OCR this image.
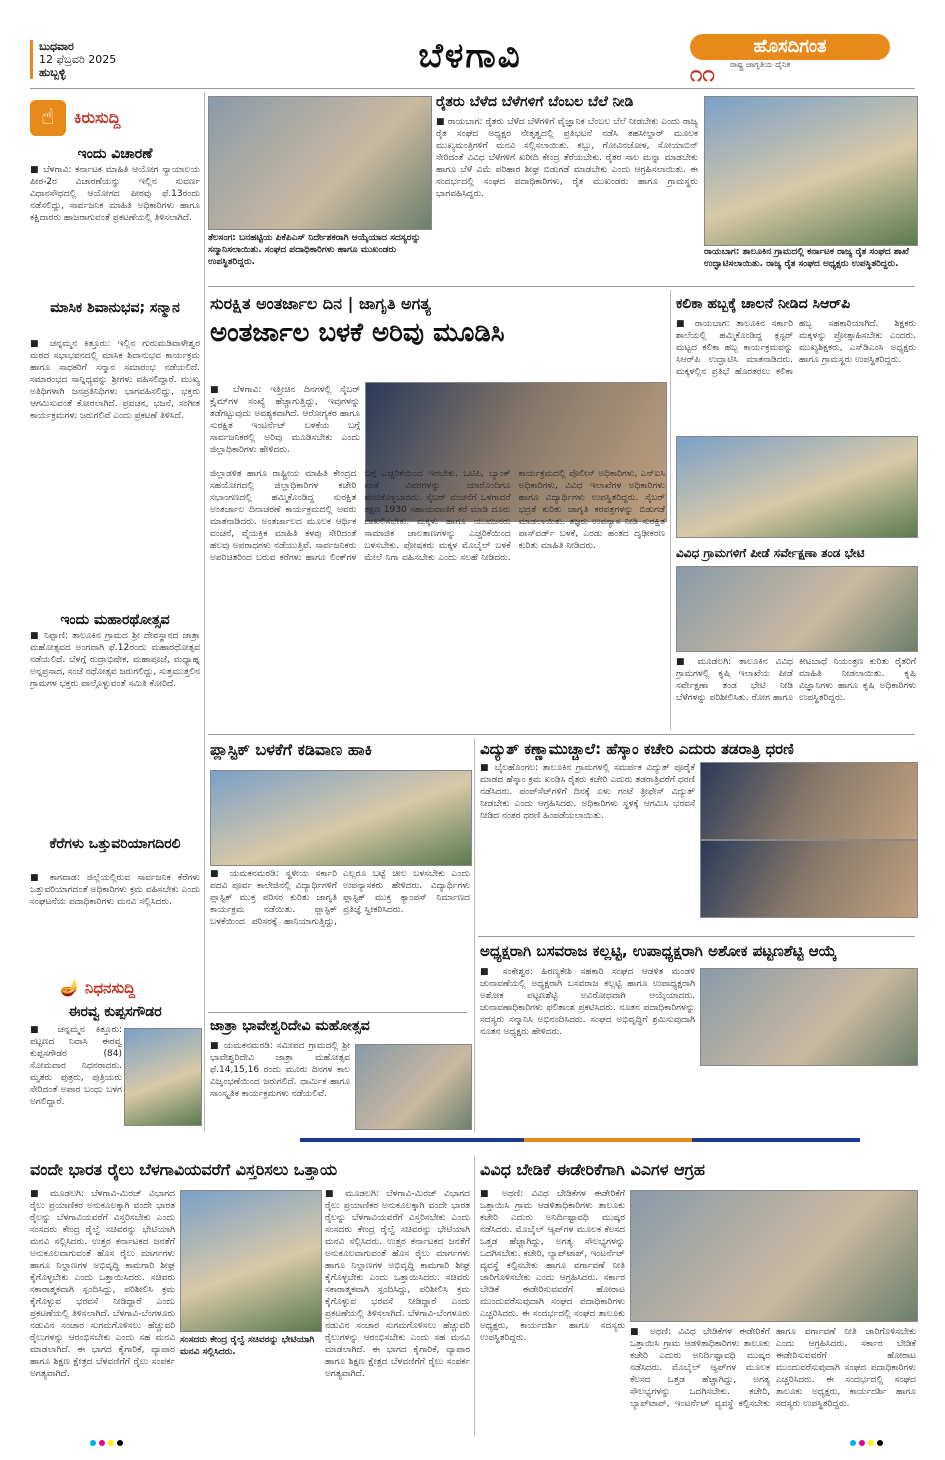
ಬುಧವಾರ
12 ಫೆಬ್ರವರಿ 2025
ಹುಬ್ಬಳ್ಳಿ	ಬೆಳಗಾವಿ	ಹೊಸದಿಗಂತ
ರಾಷ್ಟ್ರ ಜಾಗೃತಿಯ ದೈನಿಕ
೧೧
☝	ಕಿರುಸುದ್ದಿ
ಇಂದು ವಿಚಾರಣೆ
■ ಬೆಳಗಾವಿ: ಕರ್ನಾಟಕ ಮಾಹಿತಿ ಆಯೋಗ ನ್ಯಾಯಾಲಯ ಪೀಠ-2ರ ವಿಚಾರಣೆಯನ್ನು ಇಲ್ಲಿನ ಸುವರ್ಣ ವಿಧಾನಸೌಧದಲ್ಲಿ ಆಯೋಗದ ಪೀಠವು ಫೆ.13ರಂದು ನಡೆಸಲಿದ್ದು, ಸಾರ್ವಜನಿಕ ಮಾಹಿತಿ ಅಧಿಕಾರಿಗಳು ಹಾಗೂ ಕಕ್ಷಿದಾರರು ಹಾಜರಾಗುವಂತೆ ಪ್ರಕಟಣೆಯಲ್ಲಿ ತಿಳಿಸಲಾಗಿದೆ.
ಮಾಸಿಕ ಶಿವಾನುಭವ; ಸನ್ಮಾನ
■ ಚನ್ನಮ್ಮನ ಕಿತ್ತೂರು: ಇಲ್ಲಿನ ಗುರುಮಡಿವಾಳೇಶ್ವರ ಮಠದ ಸಭಾಭವನದಲ್ಲಿ ಮಾಸಿಕ ಶಿವಾನುಭವ ಕಾರ್ಯಕ್ರಮ ಹಾಗೂ ಸಾಧಕರಿಗೆ ಸನ್ಮಾನ ಸಮಾರಂಭ ನಡೆಯಲಿದೆ. ಸಮಾರಂಭದ ಸಾನ್ನಿಧ್ಯವನ್ನು ಶ್ರೀಗಳು ವಹಿಸಲಿದ್ದಾರೆ. ಮುಖ್ಯ ಅತಿಥಿಗಳಾಗಿ ಜನಪ್ರತಿನಿಧಿಗಳು ಭಾಗವಹಿಸಲಿದ್ದು, ಭಕ್ತರು ಆಗಮಿಸುವಂತೆ ಕೋರಲಾಗಿದೆ. ಪ್ರವಚನ, ಭಜನೆ, ಸಂಗೀತ ಕಾರ್ಯಕ್ರಮಗಳು ಜರುಗಲಿವೆ ಎಂದು ಪ್ರಕಟಣೆ ತಿಳಿಸಿದೆ.
ಇಂದು ಮಹಾರಥೋತ್ಸವ
■ ನಿಪ್ಪಾಣಿ: ತಾಲೂಕಿನ ಗ್ರಾಮದ ಶ್ರೀ ದೇವಸ್ಥಾನದ ಜಾತ್ರಾ ಮಹೋತ್ಸವದ ಅಂಗವಾಗಿ ಫೆ.12ರಂದು ಮಹಾರಥೋತ್ಸವ ನಡೆಯಲಿದೆ. ಬೆಳಗ್ಗೆ ರುದ್ರಾಭಿಷೇಕ, ಮಹಾಪೂಜೆ, ಮಧ್ಯಾಹ್ನ ಅನ್ನಪ್ರಸಾದ, ಸಂಜೆ ರಥೋತ್ಸವ ಜರುಗಲಿದ್ದು, ಸುತ್ತಮುತ್ತಲಿನ ಗ್ರಾಮಗಳ ಭಕ್ತರು ಪಾಲ್ಗೊಳ್ಳುವಂತೆ ಸಮಿತಿ ಕೋರಿದೆ.
ಕೆರೆಗಳು ಒತ್ತುವರಿಯಾಗದಿರಲಿ
■ ಕಾಗವಾಡ: ಜಿಲ್ಲೆಯಲ್ಲಿರುವ ಸಾರ್ವಜನಿಕ ಕೆರೆಗಳು ಒತ್ತುವರಿಯಾಗದಂತೆ ಅಧಿಕಾರಿಗಳು ಕ್ರಮ ವಹಿಸಬೇಕು ಎಂದು ಸಂಘಟನೆಯ ಪದಾಧಿಕಾರಿಗಳು ಮನವಿ ಸಲ್ಲಿಸಿದರು.
🪔 ನಿಧನಸುದ್ದಿ
ಈರವ್ವ ಕುಪ್ಪಸಗೌಡರ
■ ಚನ್ನಮ್ಮನ ಕಿತ್ತೂರು: ಪಟ್ಟಣದ ನಿವಾಸಿ ಈರವ್ವ ಕುಪ್ಪಸಗೌಡರ (84) ಸೋಮವಾರ ನಿಧನರಾದರು. ಮೃತರು ಪುತ್ರರು, ಪುತ್ರಿಯರು ಸೇರಿದಂತೆ ಅಪಾರ ಬಂಧು ಬಳಗ ಅಗಲಿದ್ದಾರೆ.
ತೆಲಸಂಗ: ಬನಹಟ್ಟಿಯ ಪಿಕೆಪಿಎಸ್ ನಿರ್ದೇಶಕರಾಗಿ ಆಯ್ಕೆಯಾದ ಸದಸ್ಯರನ್ನು ಸನ್ಮಾನಿಸಲಾಯಿತು. ಸಂಘದ ಪದಾಧಿಕಾರಿಗಳು ಹಾಗೂ ಮುಖಂಡರು ಉಪಸ್ಥಿತರಿದ್ದರು.
ರೈತರು ಬೆಳೆದ ಬೆಳೆಗಳಿಗೆ ಬೆಂಬಲ ಬೆಲೆ ನೀಡಿ
■ ರಾಯಬಾಗ: ರೈತರು ಬೆಳೆದ ಬೆಳೆಗಳಿಗೆ ವೈಜ್ಞಾನಿಕ ಬೆಂಬಲ ಬೆಲೆ ನೀಡಬೇಕು ಎಂದು ರಾಜ್ಯ ರೈತ ಸಂಘದ ಅಧ್ಯಕ್ಷರ ನೇತೃತ್ವದಲ್ಲಿ ಪ್ರತಿಭಟನೆ ನಡೆಸಿ ತಹಸೀಲ್ದಾರ್ ಮೂಲಕ ಮುಖ್ಯಮಂತ್ರಿಗಳಿಗೆ ಮನವಿ ಸಲ್ಲಿಸಲಾಯಿತು. ಕಬ್ಬು, ಗೋವಿನಜೋಳ, ಸೋಯಾಬಿನ್ ಸೇರಿದಂತೆ ವಿವಿಧ ಬೆಳೆಗಳಿಗೆ ಖರೀದಿ ಕೇಂದ್ರ ತೆರೆಯಬೇಕು. ರೈತರ ಸಾಲ ಮನ್ನಾ ಮಾಡಬೇಕು ಹಾಗೂ ಬೆಳೆ ವಿಮೆ ಪರಿಹಾರ ಶೀಘ್ರ ಬಿಡುಗಡೆ ಮಾಡಬೇಕು ಎಂದು ಆಗ್ರಹಿಸಲಾಯಿತು. ಈ ಸಂದರ್ಭದಲ್ಲಿ ಸಂಘದ ಪದಾಧಿಕಾರಿಗಳು, ರೈತ ಮುಖಂಡರು ಹಾಗೂ ಗ್ರಾಮಸ್ಥರು ಭಾಗವಹಿಸಿದ್ದರು.
ರಾಯಬಾಗ: ತಾಲೂಕಿನ ಗ್ರಾಮದಲ್ಲಿ ಕರ್ನಾಟಕ ರಾಜ್ಯ ರೈತ ಸಂಘದ ಶಾಖೆ ಉದ್ಘಾಟಿಸಲಾಯಿತು. ರಾಜ್ಯ ರೈತ ಸಂಘದ ಅಧ್ಯಕ್ಷರು ಉಪಸ್ಥಿತರಿದ್ದರು.
ಸುರಕ್ಷಿತ ಅಂತರ್ಜಾಲ ದಿನ | ಜಾಗೃತಿ ಅಗತ್ಯ
ಅಂತರ್ಜಾಲ ಬಳಕೆ ಅರಿವು ಮೂಡಿಸಿ
■ ಬೆಳಗಾವಿ: ಇತ್ತೀಚಿನ ದಿನಗಳಲ್ಲಿ ಸೈಬರ್ ಕ್ರೈಮ್‌ಗಳ ಸಂಖ್ಯೆ ಹೆಚ್ಚಾಗುತ್ತಿದ್ದು, ಇವುಗಳನ್ನು ತಡೆಗಟ್ಟುವುದು ಅವಶ್ಯಕವಾಗಿದೆ. ಆರೋಗ್ಯಕರ ಹಾಗೂ ಸುರಕ್ಷಿತ ಇಂಟರ್ನೆಟ್ ಬಳಕೆಯ ಬಗ್ಗೆ ಸಾರ್ವಜನಿಕರಲ್ಲಿ ಅರಿವು ಮೂಡಿಸಬೇಕು ಎಂದು ಜಿಲ್ಲಾಧಿಕಾರಿಗಳು ಹೇಳಿದರು.
ಜಿಲ್ಲಾಡಳಿತ ಹಾಗೂ ರಾಷ್ಟ್ರೀಯ ಮಾಹಿತಿ ಕೇಂದ್ರದ ಸಹಯೋಗದಲ್ಲಿ ಜಿಲ್ಲಾಧಿಕಾರಿಗಳ ಕಚೇರಿ ಸಭಾಂಗಣದಲ್ಲಿ ಹಮ್ಮಿಕೊಂಡಿದ್ದ ಸುರಕ್ಷಿತ ಅಂತರ್ಜಾಲ ದಿನಾಚರಣೆ ಕಾರ್ಯಕ್ರಮದಲ್ಲಿ ಅವರು ಮಾತನಾಡಿದರು. ಅಂತರ್ಜಾಲದ ಮೂಲಕ ಆರ್ಥಿಕ ವಂಚನೆ, ವೈಯಕ್ತಿಕ ಮಾಹಿತಿ ಕಳವು ಸೇರಿದಂತೆ ಹಲವು ಅಪರಾಧಗಳು ನಡೆಯುತ್ತಿವೆ. ಸಾರ್ವಜನಿಕರು ಅಪರಿಚಿತರಿಂದ ಬರುವ ಕರೆಗಳು ಹಾಗೂ ಲಿಂಕ್‌ಗಳ ಬಗ್ಗೆ ಎಚ್ಚರಿಕೆಯಿಂದ ಇರಬೇಕು. ಒಟಿಪಿ, ಬ್ಯಾಂಕ್ ಖಾತೆ ವಿವರಗಳನ್ನು ಯಾರೊಂದಿಗೂ ಹಂಚಿಕೊಳ್ಳಬಾರದು. ಸೈಬರ್ ವಂಚನೆಗೆ ಒಳಗಾದರೆ ತಕ್ಷಣ 1930 ಸಹಾಯವಾಣಿಗೆ ಕರೆ ಮಾಡಿ ದೂರು ದಾಖಲಿಸಬೇಕು. ಮಕ್ಕಳು ಹಾಗೂ ಯುವಜನರು ಸಾಮಾಜಿಕ ಜಾಲತಾಣಗಳನ್ನು ಎಚ್ಚರಿಕೆಯಿಂದ ಬಳಸಬೇಕು. ಪೋಷಕರು ಮಕ್ಕಳ ಮೊಬೈಲ್ ಬಳಕೆ ಮೇಲೆ ನಿಗಾ ವಹಿಸಬೇಕು ಎಂದು ಸಲಹೆ ನೀಡಿದರು. ಕಾರ್ಯಕ್ರಮದಲ್ಲಿ ಪೊಲೀಸ್ ಅಧಿಕಾರಿಗಳು, ಎನ್‌ಐಸಿ ಅಧಿಕಾರಿಗಳು, ವಿವಿಧ ಇಲಾಖೆಗಳ ಅಧಿಕಾರಿಗಳು ಹಾಗೂ ವಿದ್ಯಾರ್ಥಿಗಳು ಉಪಸ್ಥಿತರಿದ್ದರು. ಸೈಬರ್ ಭದ್ರತೆ ಕುರಿತು ಜಾಗೃತಿ ಕರಪತ್ರಗಳನ್ನು ಬಿಡುಗಡೆ ಮಾಡಲಾಯಿತು. ತಜ್ಞರು ಉಪನ್ಯಾಸ ನೀಡಿ ಸುರಕ್ಷಿತ ಪಾಸ್‌ವರ್ಡ್ ಬಳಕೆ, ಎರಡು ಹಂತದ ದೃಢೀಕರಣ ಕುರಿತು ಮಾಹಿತಿ ನೀಡಿದರು.
ಕಲಿಕಾ ಹಬ್ಬಕ್ಕೆ ಚಾಲನೆ ನೀಡಿದ ಸಿಆರ್‌ಪಿ
■ ರಾಯಬಾಗ: ತಾಲೂಕಿನ ಸರ್ಕಾರಿ ಶಾಲೆಯಲ್ಲಿ ಹಮ್ಮಿಕೊಂಡಿದ್ದ ಕ್ಲಸ್ಟರ್ ಮಟ್ಟದ ಕಲಿಕಾ ಹಬ್ಬ ಕಾರ್ಯಕ್ರಮವನ್ನು ಸಿಆರ್‌ಪಿ ಉದ್ಘಾಟಿಸಿ ಮಾತನಾಡಿದರು. ಮಕ್ಕಳಲ್ಲಿನ ಪ್ರತಿಭೆ ಹೊರತರಲು ಕಲಿಕಾ ಹಬ್ಬ ಸಹಕಾರಿಯಾಗಿದೆ. ಶಿಕ್ಷಕರು ಮಕ್ಕಳನ್ನು ಪ್ರೋತ್ಸಾಹಿಸಬೇಕು ಎಂದರು. ಮುಖ್ಯಶಿಕ್ಷಕರು, ಎಸ್‌ಡಿಎಂಸಿ ಅಧ್ಯಕ್ಷರು ಹಾಗೂ ಗ್ರಾಮಸ್ಥರು ಉಪಸ್ಥಿತರಿದ್ದರು.
ವಿವಿಧ ಗ್ರಾಮಗಳಿಗೆ ಪೀಡೆ ಸರ್ವೇಕ್ಷಣಾ ತಂಡ ಭೇಟಿ
■ ಮೂಡಲಗಿ: ತಾಲೂಕಿನ ವಿವಿಧ ಗ್ರಾಮಗಳಲ್ಲಿ ಕೃಷಿ ಇಲಾಖೆಯ ಪೀಡೆ ಸರ್ವೇಕ್ಷಣಾ ತಂಡ ಭೇಟಿ ನೀಡಿ ಬೆಳೆಗಳನ್ನು ಪರಿಶೀಲಿಸಿತು. ರೋಗ ಹಾಗೂ ಕೀಟಬಾಧೆ ನಿಯಂತ್ರಣ ಕುರಿತು ರೈತರಿಗೆ ಮಾಹಿತಿ ನೀಡಲಾಯಿತು. ಕೃಷಿ ವಿಜ್ಞಾನಿಗಳು ಹಾಗೂ ಕೃಷಿ ಅಧಿಕಾರಿಗಳು ಉಪಸ್ಥಿತರಿದ್ದರು.
ಪ್ಲಾಸ್ಟಿಕ್ ಬಳಕೆಗೆ ಕಡಿವಾಣ ಹಾಕಿ
■ ಯಮಕನಮರಡಿ: ಸ್ಥಳೀಯ ಸರ್ಕಾರಿ ಪದವಿ ಪೂರ್ವ ಕಾಲೇಜಿನಲ್ಲಿ ವಿದ್ಯಾರ್ಥಿಗಳಿಗೆ ಪ್ಲಾಸ್ಟಿಕ್ ಮುಕ್ತ ಪರಿಸರ ಕುರಿತು ಜಾಗೃತಿ ಕಾರ್ಯಕ್ರಮ ನಡೆಯಿತು. ಪ್ಲಾಸ್ಟಿಕ್ ಬಳಕೆಯಿಂದ ಪರಿಸರಕ್ಕೆ ಹಾನಿಯಾಗುತ್ತಿದ್ದು, ಎಲ್ಲರೂ ಬಟ್ಟೆ ಚೀಲ ಬಳಸಬೇಕು ಎಂದು ಉಪನ್ಯಾಸಕರು ಹೇಳಿದರು. ವಿದ್ಯಾರ್ಥಿಗಳು ಪ್ಲಾಸ್ಟಿಕ್ ಮುಕ್ತ ಕ್ಯಾಂಪಸ್ ನಿರ್ಮಾಣದ ಪ್ರತಿಜ್ಞೆ ಸ್ವೀಕರಿಸಿದರು.
ಜಾತ್ರಾ ಭಾವೇಶ್ವರಿದೇವಿ ಮಹೋತ್ಸವ
■ ಯಮಕನಮರಡಿ: ಸಮೀಪದ ಗ್ರಾಮದಲ್ಲಿ ಶ್ರೀ ಭಾವೇಶ್ವರಿದೇವಿ ಜಾತ್ರಾ ಮಹೋತ್ಸವ ಫೆ.14,15,16 ರಂದು ಮೂರು ದಿನಗಳ ಕಾಲ ವಿಜೃಂಭಣೆಯಿಂದ ಜರುಗಲಿದೆ. ಧಾರ್ಮಿಕ ಹಾಗೂ ಸಾಂಸ್ಕೃತಿಕ ಕಾರ್ಯಕ್ರಮಗಳು ನಡೆಯಲಿವೆ.
ವಿದ್ಯುತ್ ಕಣ್ಣಾಮುಚ್ಚಾಲೆ: ಹೆಸ್ಕಾಂ ಕಚೇರಿ ಎದುರು ತಡರಾತ್ರಿ ಧರಣಿ
■ ಬೈಲಹೊಂಗಲ: ತಾಲೂಕಿನ ಗ್ರಾಮಗಳಲ್ಲಿ ಸಮರ್ಪಕ ವಿದ್ಯುತ್ ಪೂರೈಕೆ ಮಾಡದ ಹೆಸ್ಕಾಂ ಕ್ರಮ ಖಂಡಿಸಿ ರೈತರು ಕಚೇರಿ ಎದುರು ತಡರಾತ್ರಿವರೆಗೆ ಧರಣಿ ನಡೆಸಿದರು. ಪಂಪ್‌ಸೆಟ್‌ಗಳಿಗೆ ದಿನಕ್ಕೆ ಏಳು ಗಂಟೆ ತ್ರೀಫೇಸ್ ವಿದ್ಯುತ್ ನೀಡಬೇಕು ಎಂದು ಆಗ್ರಹಿಸಿದರು. ಅಧಿಕಾರಿಗಳು ಸ್ಥಳಕ್ಕೆ ಆಗಮಿಸಿ ಭರವಸೆ ನೀಡಿದ ನಂತರ ಧರಣಿ ಹಿಂಪಡೆಯಲಾಯಿತು.
ಅಧ್ಯಕ್ಷರಾಗಿ ಬಸವರಾಜ ಕಲ್ಲಟ್ಟಿ, ಉಪಾಧ್ಯಕ್ಷರಾಗಿ ಅಶೋಕ ಪಟ್ಟಣಶೆಟ್ಟಿ ಆಯ್ಕೆ
■ ಸಂಕೇಶ್ವರ: ಹಿರಣ್ಯಕೇಶಿ ಸಹಕಾರಿ ಸಂಘದ ಆಡಳಿತ ಮಂಡಳಿ ಚುನಾವಣೆಯಲ್ಲಿ ಅಧ್ಯಕ್ಷರಾಗಿ ಬಸವರಾಜ ಕಲ್ಲಟ್ಟಿ ಹಾಗೂ ಉಪಾಧ್ಯಕ್ಷರಾಗಿ ಅಶೋಕ ಪಟ್ಟಣಶೆಟ್ಟಿ ಅವಿರೋಧವಾಗಿ ಆಯ್ಕೆಯಾದರು. ಚುನಾವಣಾಧಿಕಾರಿಗಳು ಫಲಿತಾಂಶ ಪ್ರಕಟಿಸಿದರು. ನೂತನ ಪದಾಧಿಕಾರಿಗಳನ್ನು ಸದಸ್ಯರು ಸನ್ಮಾನಿಸಿ ಅಭಿನಂದಿಸಿದರು. ಸಂಘದ ಅಭಿವೃದ್ಧಿಗೆ ಶ್ರಮಿಸುವುದಾಗಿ ನೂತನ ಅಧ್ಯಕ್ಷರು ಹೇಳಿದರು.
ವಂದೇ ಭಾರತ ರೈಲು ಬೆಳಗಾವಿಯವರೆಗೆ ವಿಸ್ತರಿಸಲು ಒತ್ತಾಯ
■ ಮೂಡಲಗಿ: ಬೆಳಗಾವಿ-ಮಿರಜ್ ವಿಭಾಗದ ರೈಲು ಪ್ರಯಾಣಿಕರ ಅನುಕೂಲಕ್ಕಾಗಿ ವಂದೇ ಭಾರತ ರೈಲನ್ನು ಬೆಳಗಾವಿಯವರೆಗೆ ವಿಸ್ತರಿಸಬೇಕು ಎಂದು ಸಂಸದರು ಕೇಂದ್ರ ರೈಲ್ವೆ ಸಚಿವರನ್ನು ಭೇಟಿಯಾಗಿ ಮನವಿ ಸಲ್ಲಿಸಿದರು. ಉತ್ತರ ಕರ್ನಾಟಕದ ಜನತೆಗೆ ಅನುಕೂಲವಾಗುವಂತೆ ಹೊಸ ರೈಲು ಮಾರ್ಗಗಳು ಹಾಗೂ ನಿಲ್ದಾಣಗಳ ಅಭಿವೃದ್ಧಿ ಕಾಮಗಾರಿ ಶೀಘ್ರ ಕೈಗೊಳ್ಳಬೇಕು ಎಂದು ಒತ್ತಾಯಿಸಿದರು. ಸಚಿವರು ಸಕಾರಾತ್ಮಕವಾಗಿ ಸ್ಪಂದಿಸಿದ್ದು, ಪರಿಶೀಲಿಸಿ ಕ್ರಮ ಕೈಗೊಳ್ಳುವ ಭರವಸೆ ನೀಡಿದ್ದಾರೆ ಎಂದು ಪ್ರಕಟಣೆಯಲ್ಲಿ ತಿಳಿಸಲಾಗಿದೆ. ಬೆಳಗಾವಿ-ಬೆಂಗಳೂರು ನಡುವಿನ ಸಂಚಾರ ಸುಗಮಗೊಳಿಸಲು ಹೆಚ್ಚುವರಿ ರೈಲುಗಳನ್ನು ಆರಂಭಿಸಬೇಕು ಎಂದು ಸಹ ಮನವಿ ಮಾಡಲಾಗಿದೆ. ಈ ಭಾಗದ ಕೈಗಾರಿಕೆ, ವ್ಯಾಪಾರ ಹಾಗೂ ಶಿಕ್ಷಣ ಕ್ಷೇತ್ರದ ಬೆಳವಣಿಗೆಗೆ ರೈಲು ಸಂಪರ್ಕ ಅಗತ್ಯವಾಗಿದೆ.
ಸಂಸದರು ಕೇಂದ್ರ ರೈಲ್ವೆ ಸಚಿವರನ್ನು ಭೇಟಿಯಾಗಿ ಮನವಿ ಸಲ್ಲಿಸಿದರು.
■ ಮೂಡಲಗಿ: ಬೆಳಗಾವಿ-ಮಿರಜ್ ವಿಭಾಗದ ರೈಲು ಪ್ರಯಾಣಿಕರ ಅನುಕೂಲಕ್ಕಾಗಿ ವಂದೇ ಭಾರತ ರೈಲನ್ನು ಬೆಳಗಾವಿಯವರೆಗೆ ವಿಸ್ತರಿಸಬೇಕು ಎಂದು ಸಂಸದರು ಕೇಂದ್ರ ರೈಲ್ವೆ ಸಚಿವರನ್ನು ಭೇಟಿಯಾಗಿ ಮನವಿ ಸಲ್ಲಿಸಿದರು. ಉತ್ತರ ಕರ್ನಾಟಕದ ಜನತೆಗೆ ಅನುಕೂಲವಾಗುವಂತೆ ಹೊಸ ರೈಲು ಮಾರ್ಗಗಳು ಹಾಗೂ ನಿಲ್ದಾಣಗಳ ಅಭಿವೃದ್ಧಿ ಕಾಮಗಾರಿ ಶೀಘ್ರ ಕೈಗೊಳ್ಳಬೇಕು ಎಂದು ಒತ್ತಾಯಿಸಿದರು. ಸಚಿವರು ಸಕಾರಾತ್ಮಕವಾಗಿ ಸ್ಪಂದಿಸಿದ್ದು, ಪರಿಶೀಲಿಸಿ ಕ್ರಮ ಕೈಗೊಳ್ಳುವ ಭರವಸೆ ನೀಡಿದ್ದಾರೆ ಎಂದು ಪ್ರಕಟಣೆಯಲ್ಲಿ ತಿಳಿಸಲಾಗಿದೆ. ಬೆಳಗಾವಿ-ಬೆಂಗಳೂರು ನಡುವಿನ ಸಂಚಾರ ಸುಗಮಗೊಳಿಸಲು ಹೆಚ್ಚುವರಿ ರೈಲುಗಳನ್ನು ಆರಂಭಿಸಬೇಕು ಎಂದು ಸಹ ಮನವಿ ಮಾಡಲಾಗಿದೆ. ಈ ಭಾಗದ ಕೈಗಾರಿಕೆ, ವ್ಯಾಪಾರ ಹಾಗೂ ಶಿಕ್ಷಣ ಕ್ಷೇತ್ರದ ಬೆಳವಣಿಗೆಗೆ ರೈಲು ಸಂಪರ್ಕ ಅಗತ್ಯವಾಗಿದೆ.
ವಿವಿಧ ಬೇಡಿಕೆ ಈಡೇರಿಕೆಗಾಗಿ ವಿಎಗಳ ಆಗ್ರಹ
■ ಅಥಣಿ: ವಿವಿಧ ಬೇಡಿಕೆಗಳ ಈಡೇರಿಕೆಗೆ ಒತ್ತಾಯಿಸಿ ಗ್ರಾಮ ಆಡಳಿತಾಧಿಕಾರಿಗಳು ತಾಲೂಕು ಕಚೇರಿ ಎದುರು ಅನಿರ್ದಿಷ್ಟಾವಧಿ ಮುಷ್ಕರ ನಡೆಸಿದರು. ಮೊಬೈಲ್ ಆ್ಯಪ್‌ಗಳ ಮೂಲಕ ಕೆಲಸದ ಒತ್ತಡ ಹೆಚ್ಚಾಗಿದ್ದು, ಅಗತ್ಯ ಸೌಲಭ್ಯಗಳನ್ನು ಒದಗಿಸಬೇಕು. ಕಚೇರಿ, ಲ್ಯಾಪ್‌ಟಾಪ್, ಇಂಟರ್ನೆಟ್ ವ್ಯವಸ್ಥೆ ಕಲ್ಪಿಸಬೇಕು ಹಾಗೂ ವರ್ಗಾವಣೆ ನೀತಿ ಜಾರಿಗೊಳಿಸಬೇಕು ಎಂದು ಆಗ್ರಹಿಸಿದರು. ಸರ್ಕಾರ ಬೇಡಿಕೆ ಈಡೇರಿಸುವವರೆಗೆ ಹೋರಾಟ ಮುಂದುವರೆಸುವುದಾಗಿ ಸಂಘದ ಪದಾಧಿಕಾರಿಗಳು ಎಚ್ಚರಿಸಿದರು. ಈ ಸಂದರ್ಭದಲ್ಲಿ ಸಂಘದ ತಾಲೂಕು ಅಧ್ಯಕ್ಷರು, ಕಾರ್ಯದರ್ಶಿ ಹಾಗೂ ಸದಸ್ಯರು ಉಪಸ್ಥಿತರಿದ್ದರು.
■ ಅಥಣಿ: ವಿವಿಧ ಬೇಡಿಕೆಗಳ ಈಡೇರಿಕೆಗೆ ಒತ್ತಾಯಿಸಿ ಗ್ರಾಮ ಆಡಳಿತಾಧಿಕಾರಿಗಳು ತಾಲೂಕು ಕಚೇರಿ ಎದುರು ಅನಿರ್ದಿಷ್ಟಾವಧಿ ಮುಷ್ಕರ ನಡೆಸಿದರು. ಮೊಬೈಲ್ ಆ್ಯಪ್‌ಗಳ ಮೂಲಕ ಕೆಲಸದ ಒತ್ತಡ ಹೆಚ್ಚಾಗಿದ್ದು, ಅಗತ್ಯ ಸೌಲಭ್ಯಗಳನ್ನು ಒದಗಿಸಬೇಕು. ಕಚೇರಿ, ಲ್ಯಾಪ್‌ಟಾಪ್, ಇಂಟರ್ನೆಟ್ ವ್ಯವಸ್ಥೆ ಕಲ್ಪಿಸಬೇಕು ಹಾಗೂ ವರ್ಗಾವಣೆ ನೀತಿ ಜಾರಿಗೊಳಿಸಬೇಕು ಎಂದು ಆಗ್ರಹಿಸಿದರು. ಸರ್ಕಾರ ಬೇಡಿಕೆ ಈಡೇರಿಸುವವರೆಗೆ ಹೋರಾಟ ಮುಂದುವರೆಸುವುದಾಗಿ ಸಂಘದ ಪದಾಧಿಕಾರಿಗಳು ಎಚ್ಚರಿಸಿದರು. ಈ ಸಂದರ್ಭದಲ್ಲಿ ಸಂಘದ ತಾಲೂಕು ಅಧ್ಯಕ್ಷರು, ಕಾರ್ಯದರ್ಶಿ ಹಾಗೂ ಸದಸ್ಯರು ಉಪಸ್ಥಿತರಿದ್ದರು.
